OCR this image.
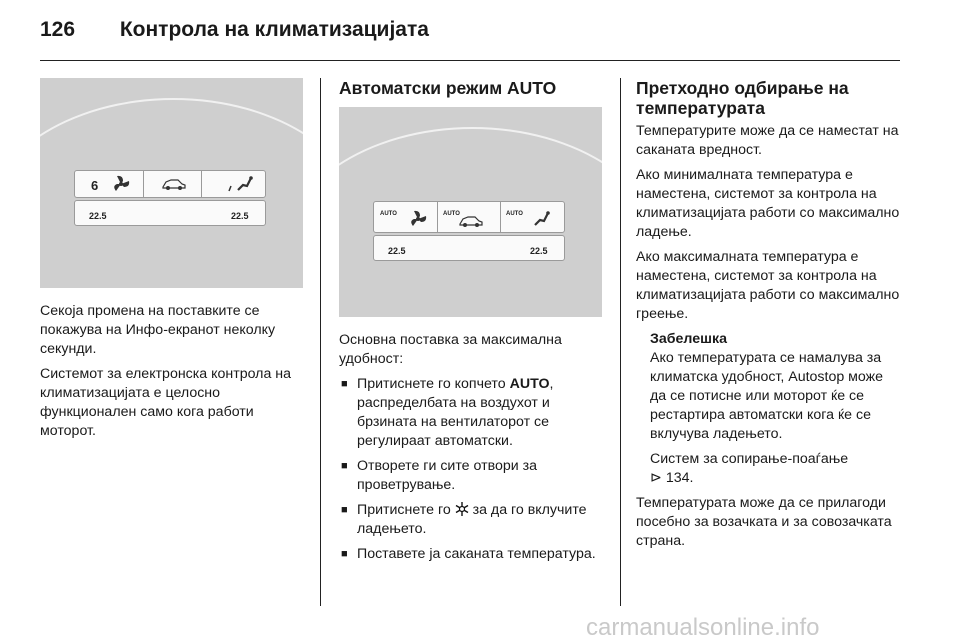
126 Контрола на климатизацијата
6
22.5	22.5

Секоја промена на поставките се покажува на Инфо-екранот неколку секунди.

Системот за електронска контрола на климатизацијата е целосно функционален само кога работи моторот.

Автоматски режим AUTO
AUTO	AUTO	AUTO
22.5	22.5

Основна поставка за максимална удобност:

■ Притиснете го копчето AUTO, распределбата на воздухот и брзината на вентилаторот се регулираат автоматски.
■ Отворете ги сите отвори за проветрување.
■ Притиснете го  за да го вклучите ладењето.
■ Поставете ја саканата температура.
Претходно одбирање на температурата

Температурите може да се наместат на саканата вредност.

Ако минималната температура е наместена, системот за контрола на климатизацијата работи со максимално ладење.

Ако максималната температура е наместена, системот за контрола на климатизацијата работи со максимално греење.

Забелешка

Ако температурата се намалува за климатска удобност, Autostop може да се потисне или моторот ќе се рестартира автоматски кога ќе се вклучува ладењето.

Систем за сопирање-поаѓање
⊳ 134.

Температурата може да се прилагоди посебно за возачката и за совозачката страна.

carmanualsonline.info
